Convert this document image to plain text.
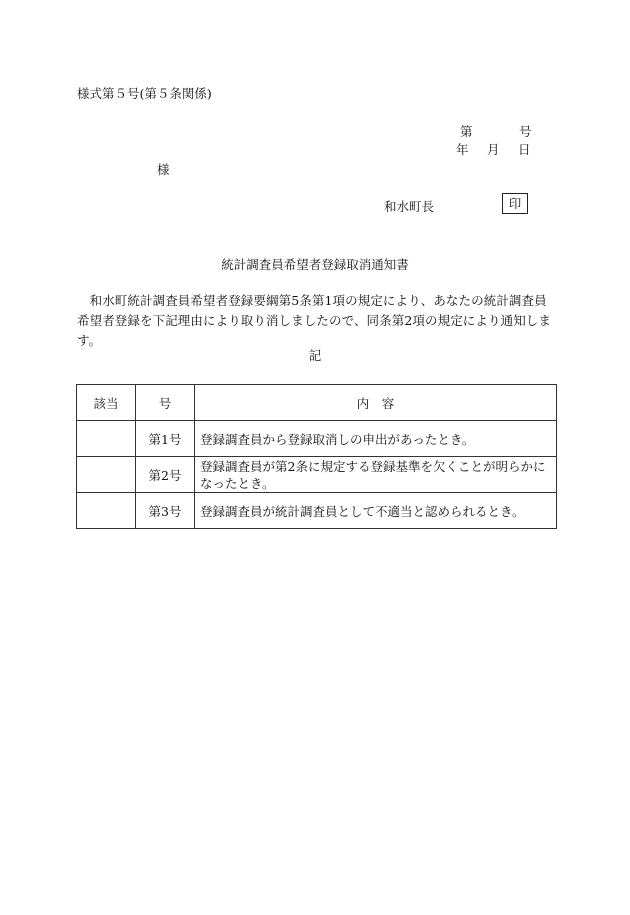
様式第５号(第５条関係)
第	号
年 月 日
様
和水町長	印
統計調査員希望者登録取消通知書
　和水町統計調査員希望者登録要綱第5条第1項の規定により、あなたの統計調査員希望者登録を下記理由により取り消しましたので、同条第2項の規定により通知します。
記
該当	号	内　容
	第1号	登録調査員から登録取消しの申出があったとき。
	第2号	登録調査員が第2条に規定する登録基準を欠くことが明らかになったとき。
	第3号	登録調査員が統計調査員として不適当と認められるとき。
